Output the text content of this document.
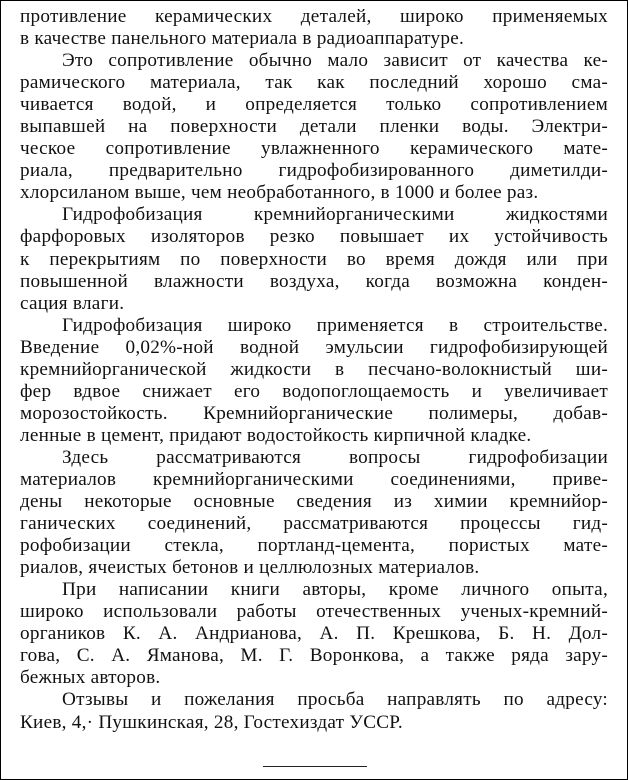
противление керамических деталей, широко применяемых
в качестве панельного материала в радиоаппаратуре.
Это сопротивление обычно мало зависит от качества ке-
рамического материала, так как последний хорошо сма-
чивается водой, и определяется только сопротивлением
выпавшей на поверхности детали пленки воды. Электри-
ческое сопротивление увлажненного керамического мате-
риала, предварительно гидрофобизированного диметилди-
хлорсиланом выше, чем необработанного, в 1000 и более раз.
Гидрофобизация кремнийорганическими жидкостями
фарфоровых изоляторов резко повышает их устойчивость
к перекрытиям по поверхности во время дождя или при
повышенной влажности воздуха, когда возможна конден-
сация влаги.
Гидрофобизация широко применяется в строительстве.
Введение 0,02%-ной водной эмульсии гидрофобизирующей
кремнийорганической жидкости в песчано-волокнистый ши-
фер вдвое снижает его водопоглощаемость и увеличивает
морозостойкость. Кремнийорганические полимеры, добав-
ленные в цемент, придают водостойкость кирпичной кладке.
Здесь рассматриваются вопросы гидрофобизации
материалов кремнийорганическими соединениями, приве-
дены некоторые основные сведения из химии кремнийор-
ганических соединений, рассматриваются процессы гид-
рофобизации стекла, портланд-цемента, пористых мате-
риалов, ячеистых бетонов и целлюлозных материалов.
При написании книги авторы, кроме личного опыта,
широко использовали работы отечественных ученых-кремний-
органиков К. А. Андрианова, А. П. Крешкова, Б. Н. Дол-
гова, С. А. Яманова, М. Г. Воронкова, а также ряда зару-
бежных авторов.
Отзывы и пожелания просьба направлять по адресу:
Киев, 4,· Пушкинская, 28, Гостехиздат УССР.
